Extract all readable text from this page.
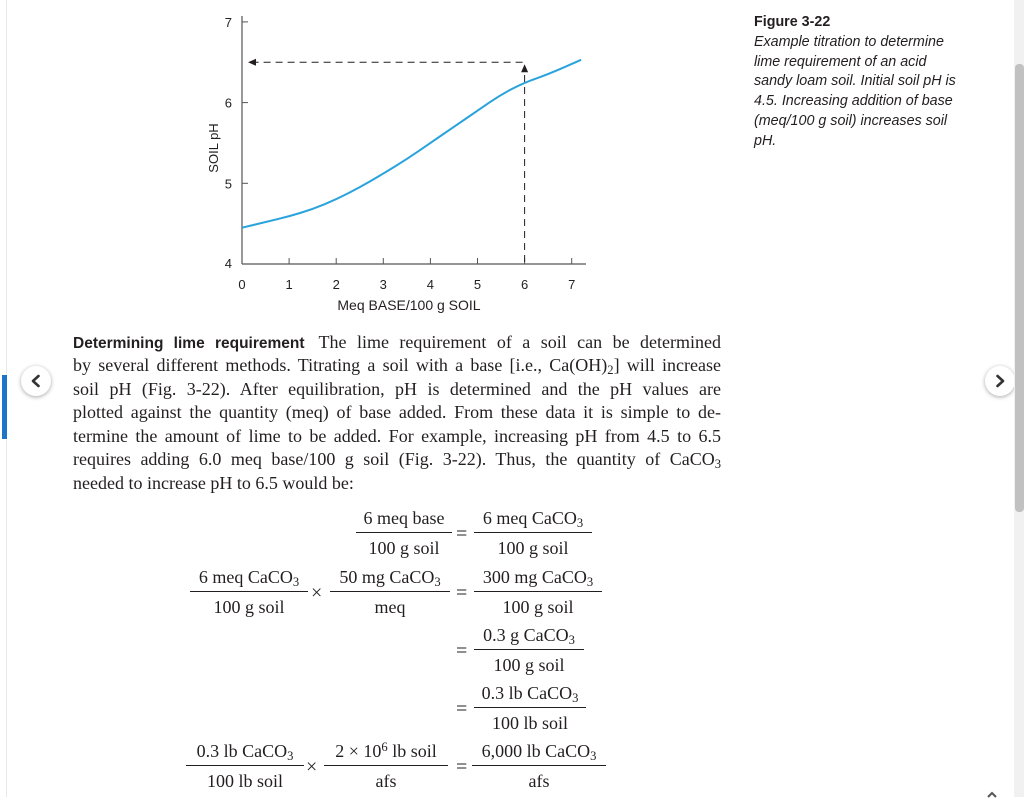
0	1	2	3	4	5	6	7
4
5
6
7
Meq BASE/100 g SOIL
SOIL pH
Figure 3-22
Example titration to determine lime requirement of an acid sandy loam soil. Initial soil pH is 4.5. Increasing addition of base (meq/100 g soil) increases soil pH.
Determining lime requirement The lime requirement of a soil can be determined
by several different methods. Titrating a soil with a base [i.e., $Ca(OH)_2$] will increase
soil pH (Fig. 3-22). After equilibration, pH is determined and the pH values are
plotted against the quantity (meq) of base added. From these data it is simple to de-
termine the amount of lime to be added. For example, increasing pH from 4.5 to 6.5
requires adding 6.0 meq base/100 g soil (Fig. 3-22). Thus, the quantity of CaCO$_3$
needed to increase pH to 6.5 would be:
6 meq base
100 g soil
=
6 meq CaCO$_3$
100 g soil
6 meq CaCO$_3$
100 g soil
×
50 mg CaCO$_3$
meq
=
300 mg CaCO$_3$
100 g soil
=
0.3 g CaCO$_3$
100 g soil
=
0.3 lb CaCO$_3$
100 lb soil
0.3 lb CaCO$_3$
100 lb soil
×
$2 \times 10^6$ lb soil
afs
=
6,000 lb CaCO$_3$
afs
